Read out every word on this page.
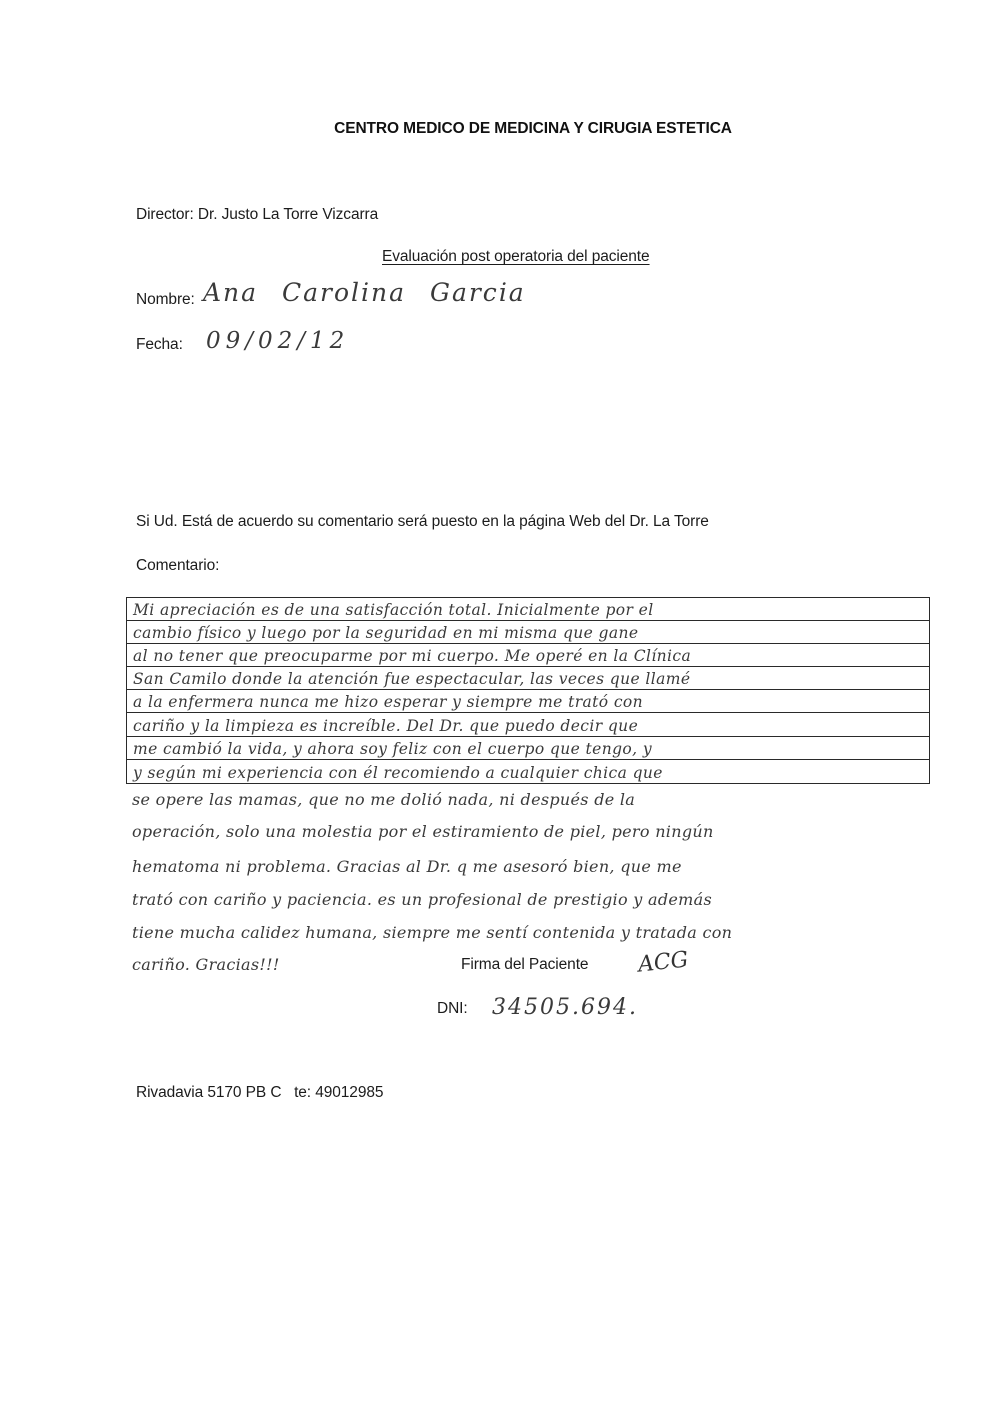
CENTRO MEDICO DE MEDICINA Y CIRUGIA ESTETICA
Director: Dr. Justo La Torre Vizcarra
Evaluación post operatoria del paciente
Nombre: Ana Carolina Garcia
Fecha: 09/02/12
Si Ud. Está de acuerdo su comentario será puesto en la página Web del Dr. La Torre
Comentario:
Mi apreciación es de una satisfacción total. Inicialmente por el
cambio físico y luego por la seguridad en mi misma que gane
al no tener que preocuparme por mi cuerpo. Me operé en la Clínica
San Camilo donde la atención fue espectacular, las veces que llamé
a la enfermera nunca me hizo esperar y siempre me trató con
cariño y la limpieza es increíble. Del Dr. que puedo decir que
me cambió la vida, y ahora soy feliz con el cuerpo que tengo, y
y según mi experiencia con él recomiendo a cualquier chica que
se opere las mamas, que no me dolió nada, ni después de la
operación, solo una molestia por el estiramiento de piel, pero ningún
hematoma ni problema. Gracias al Dr. q me asesoró bien, que me
trató con cariño y paciencia. es un profesional de prestigio y además
tiene mucha calidez humana, siempre me sentí contenida y tratada con
cariño. Gracias!!!	Firma del Paciente ACG
DNI: 34505.694.
Rivadavia 5170 PB C te: 49012985
